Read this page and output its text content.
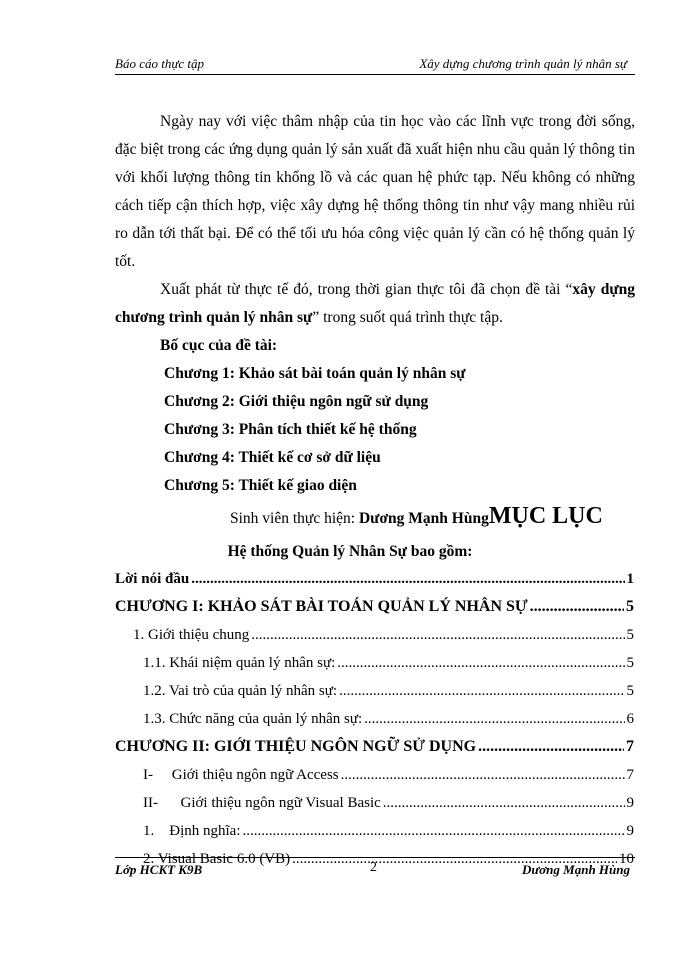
Báo cáo thực tập	Xây dựng chương trình quản lý nhân sự

Ngày nay với việc thâm nhập của tin học vào các lĩnh vực trong đời sống, đặc biệt trong các ứng dụng quản lý sản xuất đã xuất hiện nhu cầu quản lý thông tin với khối lượng thông tin khổng lồ và các quan hệ phức tạp. Nếu không có những cách tiếp cận thích hợp, việc xây dựng hệ thống thông tin như vậy mang nhiều rủi ro dẫn tới thất bại. Để có thể tối ưu hóa công việc quản lý cần có hệ thống quản lý tốt.

Xuất phát từ thực tế đó, trong thời gian thực tôi đã chọn đề tài “xây dựng chương trình quản lý nhân sự” trong suốt quá trình thực tập.

Bố cục của đề tài:
Chương 1: Khảo sát bài toán quản lý nhân sự
Chương 2: Giới thiệu ngôn ngữ sử dụng
Chương 3: Phân tích thiết kế hệ thống
Chương 4: Thiết kế cơ sở dữ liệu
Chương 5: Thiết kế giao diện
Sinh viên thực hiện: Dương Mạnh HùngMỤC LỤC
Hệ thống Quản lý Nhân Sự bao gồm:
Lời nói đầu .....	1
CHƯƠNG I: KHẢO SÁT BÀI TOÁN QUẢN LÝ NHÂN SỰ .....	5
1. Giới thiệu chung .....	5
1.1. Khái niệm quản lý nhân sự: .....	5
1.2. Vai trò của quản lý nhân sự: .....	5
1.3. Chức năng của quản lý nhân sự: .....	6
CHƯƠNG II: GIỚI THIỆU NGÔN NGỮ SỬ DỤNG .....	7
I-     Giới thiệu ngôn ngữ Access .....	7
II-      Giới thiệu ngôn ngữ Visual Basic .....	9
1.    Định nghĩa: .....	9
2. Visual Basic 6.0 (VB) .....	10
Lớp HCKT K9B	2	Dương Mạnh Hùng
